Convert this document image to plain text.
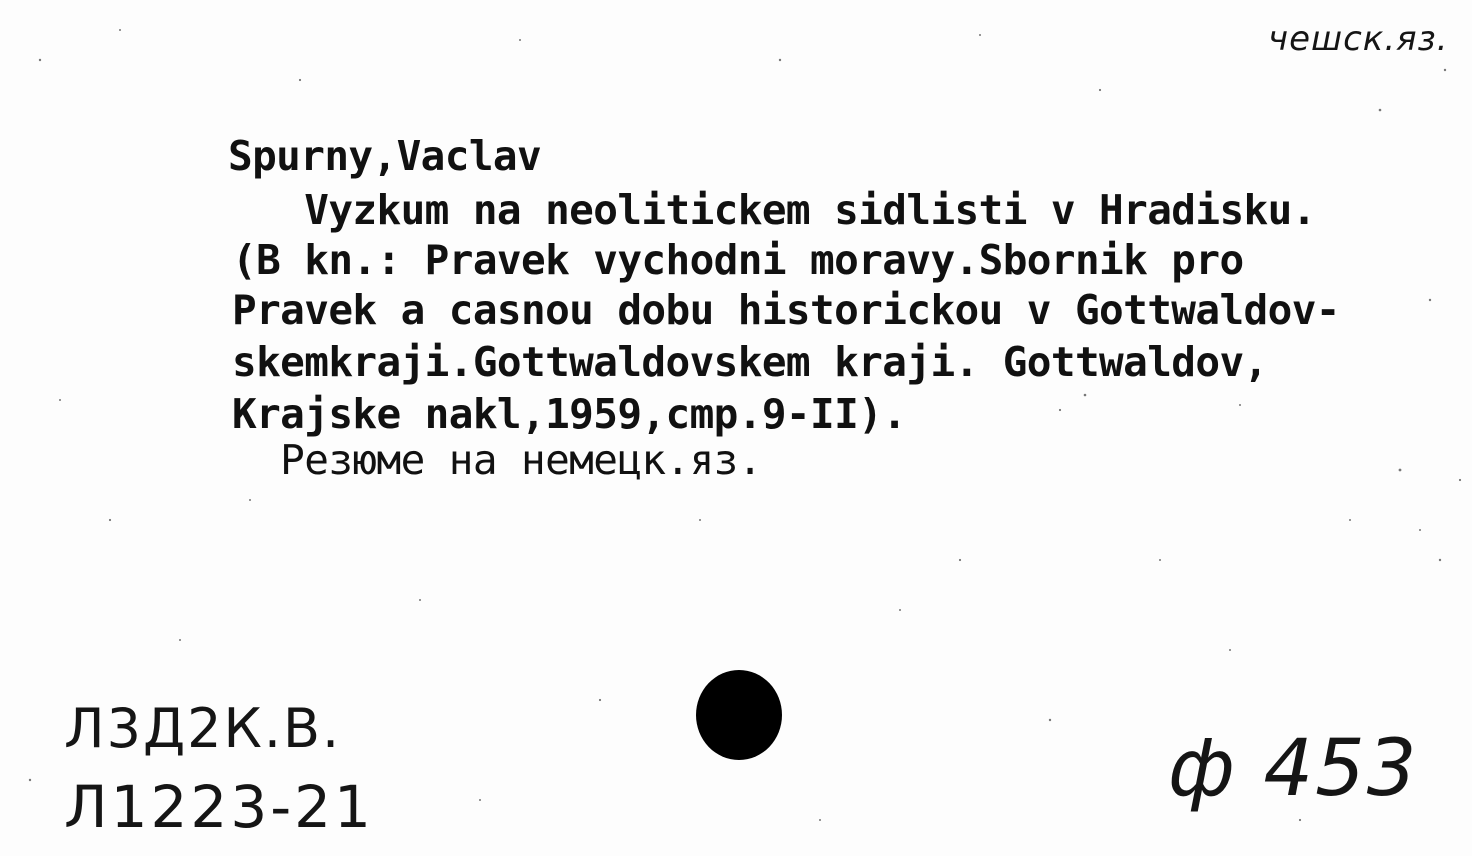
чешск.яз.
Spurny,Vaclav
Vyzkum na neolitickem sidlisti v Hradisku.
(B kn.: Pravek vychodni moravy.Sbornik pro
Pravek a casnou dobu historickou v Gottwaldov-
skemkraji.Gottwaldovskem kraji. Gottwaldov,
Krajske nakl,1959,cmp.9-II).
Резюме на немецк.яз.
Л3Д2К.В.
Л1223-21	ф 453
